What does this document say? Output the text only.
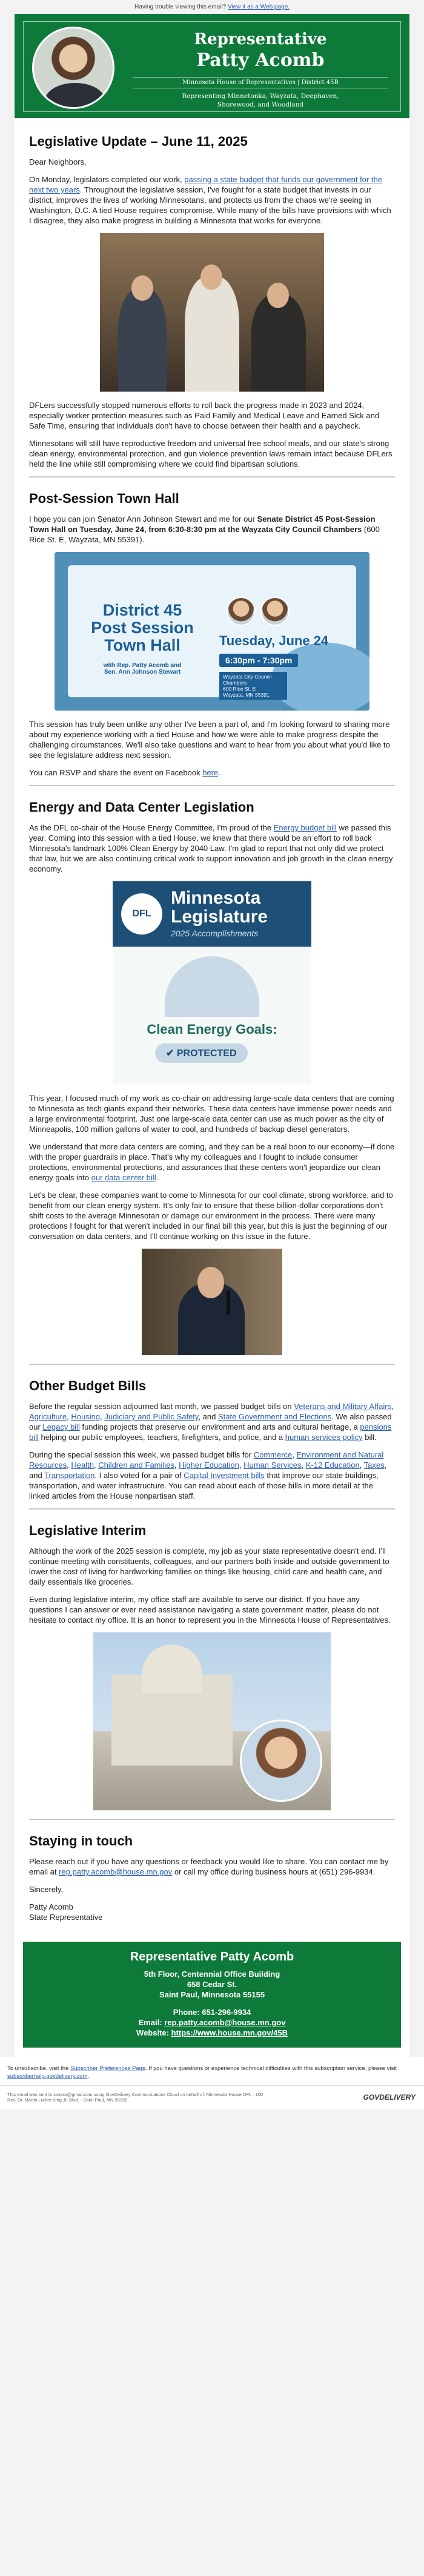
Having trouble viewing this email? View it as a Web page.
Representative
Patty Acomb
Minnesota House of Representatives | District 45B
Representing Minnetonka, Wayzata, Deephaven,
Shorewood, and Woodland
Legislative Update – June 11, 2025

Dear Neighbors,

On Monday, legislators completed our work, passing a state budget that funds our government for the next two years. Throughout the legislative session, I've fought for a state budget that invests in our district, improves the lives of working Minnesotans, and protects us from the chaos we're seeing in Washington, D.C. A tied House requires compromise. While many of the bills have provisions with which I disagree, they also make progress in building a Minnesota that works for everyone.

DFLers successfully stopped numerous efforts to roll back the progress made in 2023 and 2024, especially worker protection measures such as Paid Family and Medical Leave and Earned Sick and Safe Time, ensuring that individuals don't have to choose between their health and a paycheck.

Minnesotans will still have reproductive freedom and universal free school meals, and our state's strong clean energy, environmental protection, and gun violence prevention laws remain intact because DFLers held the line while still compromising where we could find bipartisan solutions.

Post-Session Town Hall

I hope you can join Senator Ann Johnson Stewart and me for our Senate District 45 Post-Session Town Hall on Tuesday, June 24, from 6:30-8:30 pm at the Wayzata City Council Chambers (600 Rice St. E, Wayzata, MN 55391).

District 45
Post Session
Town Hall
with Rep. Patty Acomb and
Sen. Ann Johnson Stewart
Tuesday, June 24
6:30pm - 7:30pm
Wayzata City Council Chambers
600 Rice St. E
Wayzata, MN 55391

This session has truly been unlike any other I've been a part of, and I'm looking forward to sharing more about my experience working with a tied House and how we were able to make progress despite the challenging circumstances. We'll also take questions and want to hear from you about what you'd like to see the legislature address next session.

You can RSVP and share the event on Facebook here.

Energy and Data Center Legislation

As the DFL co-chair of the House Energy Committee, I'm proud of the Energy budget bill we passed this year. Coming into this session with a tied House, we knew that there would be an effort to roll back Minnesota's landmark 100% Clean Energy by 2040 Law. I'm glad to report that not only did we protect that law, but we are also continuing critical work to support innovation and job growth in the clean energy economy.

DFL
Minnesota
Legislature
2025 Accomplishments
Clean Energy Goals:
✔ PROTECTED

This year, I focused much of my work as co-chair on addressing large-scale data centers that are coming to Minnesota as tech giants expand their networks. These data centers have immense power needs and a large environmental footprint. Just one large-scale data center can use as much power as the city of Minneapolis, 100 million gallons of water to cool, and hundreds of backup diesel generators.

We understand that more data centers are coming, and they can be a real boon to our economy—if done with the proper guardrails in place. That's why my colleagues and I fought to include consumer protections, environmental protections, and assurances that these centers won't jeopardize our clean energy goals into our data center bill.

Let's be clear, these companies want to come to Minnesota for our cool climate, strong workforce, and to benefit from our clean energy system. It's only fair to ensure that these billion-dollar corporations don't shift costs to the average Minnesotan or damage our environment in the process. There were many protections I fought for that weren't included in our final bill this year, but this is just the beginning of our conversation on data centers, and I'll continue working on this issue in the future.

Other Budget Bills

Before the regular session adjourned last month, we passed budget bills on Veterans and Military Affairs, Agriculture, Housing, Judiciary and Public Safety, and State Government and Elections. We also passed our Legacy bill funding projects that preserve our environment and arts and cultural heritage, a pensions bill helping our public employees, teachers, firefighters, and police, and a human services policy bill.

During the special session this week, we passed budget bills for Commerce, Environment and Natural Resources, Health, Children and Families, Higher Education, Human Services, K-12 Education, Taxes, and Transportation. I also voted for a pair of Capital Investment bills that improve our state buildings, transportation, and water infrastructure. You can read about each of those bills in more detail at the linked articles from the House nonpartisan staff.

Legislative Interim

Although the work of the 2025 session is complete, my job as your state representative doesn't end. I'll continue meeting with constituents, colleagues, and our partners both inside and outside government to lower the cost of living for hardworking families on things like housing, child care and health care, and daily essentials like groceries.

Even during legislative interim, my office staff are available to serve our district. If you have any questions I can answer or ever need assistance navigating a state government matter, please do not hesitate to contact my office. It is an honor to represent you in the Minnesota House of Representatives.

Staying in touch

Please reach out if you have any questions or feedback you would like to share. You can contact me by email at rep.patty.acomb@house.mn.gov or call my office during business hours at (651) 296-9934.

Sincerely,

Patty Acomb
State Representative

Representative Patty Acomb
5th Floor, Centennial Office Building
658 Cedar St.
Saint Paul, Minnesota 55155
Phone: 651-296-9934
Email: rep.patty.acomb@house.mn.gov
Website: https://www.house.mn.gov/45B
To unsubscribe, visit the Subscriber Preferences Page. If you have questions or experience technical difficulties with this subscription service, please visit subscriberhelp.govdelivery.com.
This email was sent to xxxxxx@gmail.com using GovDelivery Communications Cloud on behalf of: Minnesota House DFL · 100
Rev. Dr. Martin Luther King Jr. Blvd. · Saint Paul, MN 55155	GOVDELIVERY
